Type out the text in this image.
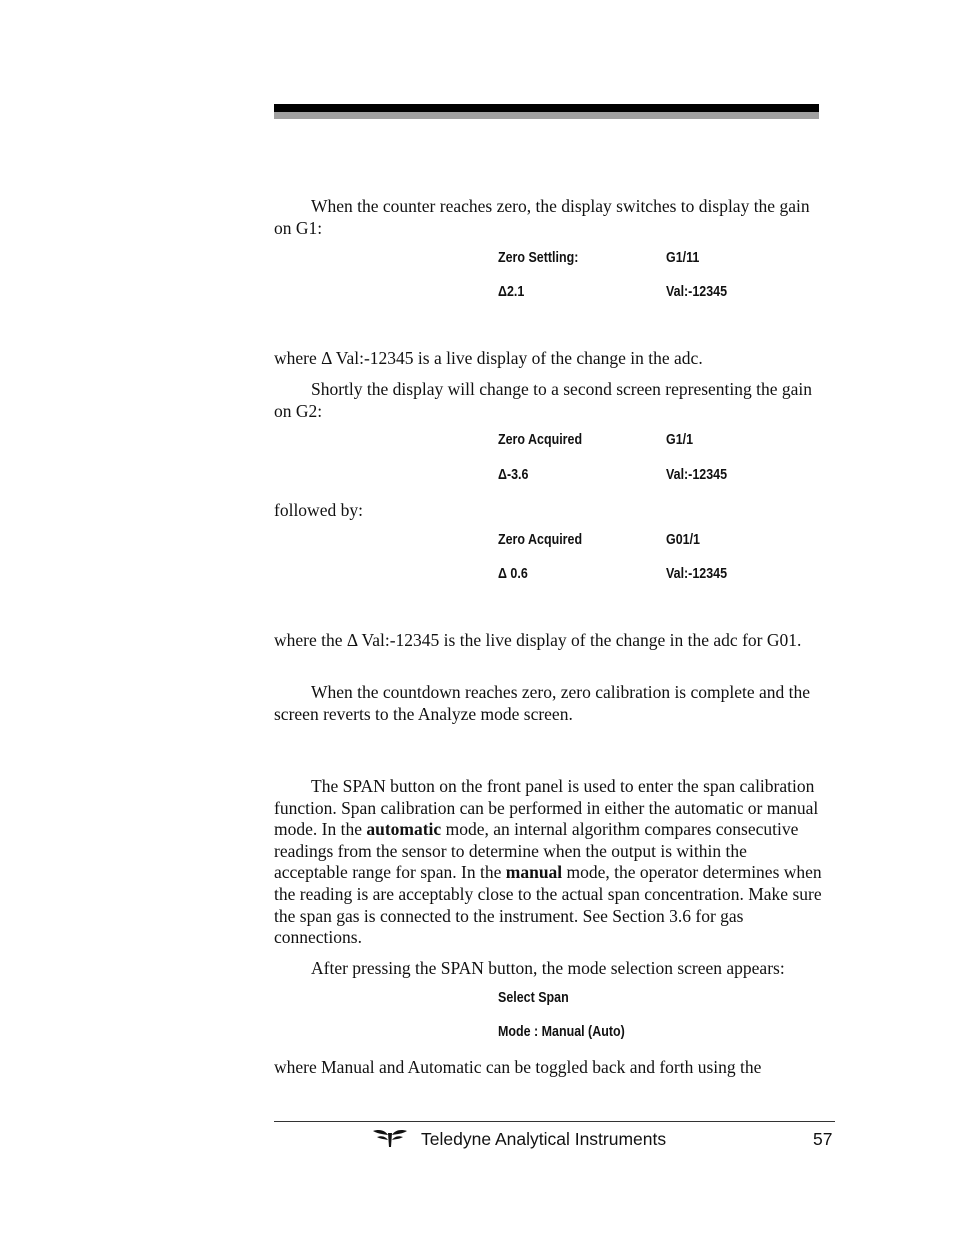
When the counter reaches zero, the display switches to display the gain on G1:

Zero Settling:	G1/11
Δ2.1	Val:-12345

where Δ Val:-12345 is a live display of the change in the adc.

Shortly the display will change to a second screen representing the gain on G2:

Zero Acquired	G1/1
Δ-3.6	Val:-12345

followed by:

Zero Acquired	G01/1
Δ 0.6	Val:-12345

where the Δ Val:-12345 is the live display of the change in the adc for G01.

When the countdown reaches zero, zero calibration is complete and the screen reverts to the Analyze mode screen.

The SPAN button on the front panel is used to enter the span calibration function. Span calibration can be performed in either the automatic or manual mode. In the automatic mode, an internal algorithm compares consecutive readings from the sensor to determine when the output is within the acceptable range for span. In the manual mode, the operator determines when the reading is are acceptably close to the actual span concentration. Make sure the span gas is connected to the instrument. See Section 3.6 for gas connections.

After pressing the SPAN button, the mode selection screen appears:

Select Span
Mode : Manual (Auto)

where Manual and Automatic can be toggled back and forth using the

Teledyne Analytical Instruments	57
